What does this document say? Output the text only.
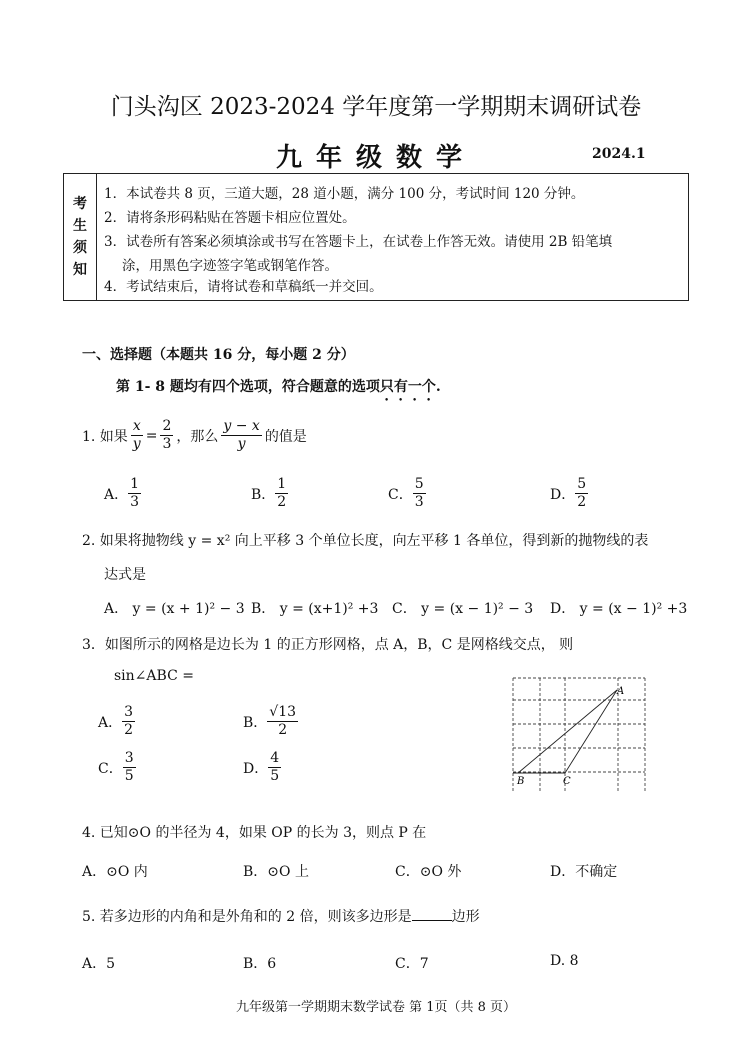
门头沟区 2023-2024 学年度第一学期期末调研试卷
九年级数学	2024.1
考
生
须
知
1．本试卷共 8 页，三道大题，28 道小题，满分 100 分，考试时间 120 分钟。
2．请将条形码粘贴在答题卡相应位置处。
3．试卷所有答案必须填涂或书写在答题卡上，在试卷上作答无效。请使用 2B 铅笔填
涂，用黑色字迹签字笔或钢笔作答。
4．考试结束后，请将试卷和草稿纸一并交回。
一、选择题（本题共 16 分，每小题 2 分）
第 1- 8 题均有四个选项，符合题意的选项只有一个.
1. 如果 $\frac{x}{y} = \frac{2}{3}$ ，那么 $\frac{y - x}{y}$ 的值是
A． $\frac{1}{3}$	B． $\frac{1}{2}$	C． $\frac{5}{3}$	D． $\frac{5}{2}$
2. 如果将抛物线 y = x² 向上平移 3 个单位长度，向左平移 1 各单位，得到新的抛物线的表
达式是
A． y = (x + 1)² − 3 B． y = (x+1)² +3 C． y = (x − 1)² − 3 D． y = (x − 1)² +3
3．如图所示的网格是边长为 1 的正方形网格，点 A，B，C 是网格线交点， 则
sin∠ABC =
A． $\frac{3}{2}$	B． $\frac{√13}{2}$
C． $\frac{3}{5}$	D． $\frac{4}{5}$
A
B	C
4. 已知⊙O 的半径为 4，如果 OP 的长为 3，则点 P 在
A．⊙O 内	B．⊙O 上	C．⊙O 外	D．不确定
5. 若多边形的内角和是外角和的 2 倍，则该多边形是	边形
A．5	B．6	C．7	D. 8
九年级第一学期期末数学试卷 第 1页（共 8 页）
